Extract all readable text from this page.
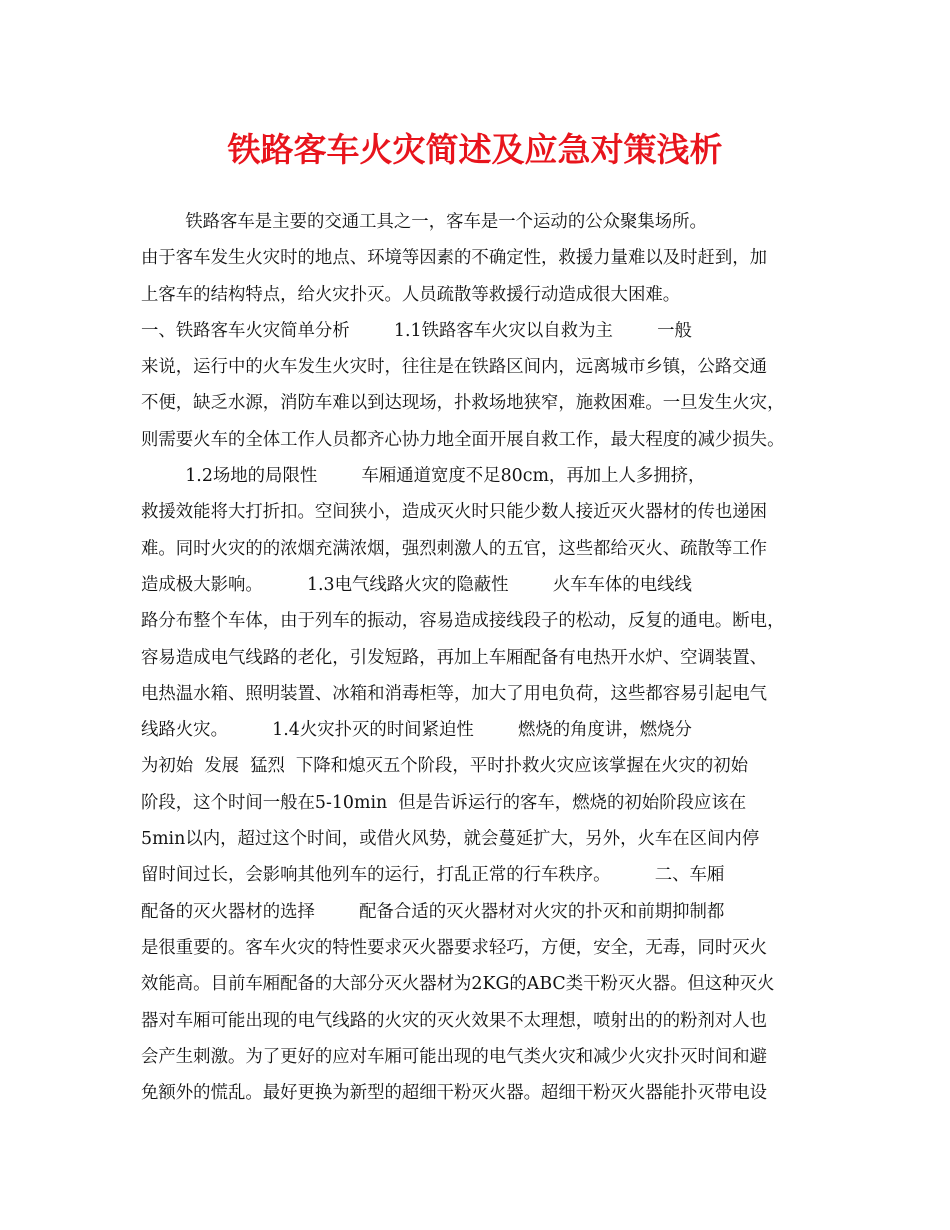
铁路客车火灾简述及应急对策浅析
铁路客车是主要的交通工具之一，客车是一个运动的公众聚集场所。
由于客车发生火灾时的地点、环境等因素的不确定性，救援力量难以及时赶到，加
上客车的结构特点，给火灾扑灭。人员疏散等救援行动造成很大困难。
一、铁路客车火灾简单分析        1.1铁路客车火灾以自救为主        一般
来说，运行中的火车发生火灾时，往往是在铁路区间内，远离城市乡镇，公路交通
不便，缺乏水源，消防车难以到达现场，扑救场地狭窄，施救困难。一旦发生火灾，
则需要火车的全体工作人员都齐心协力地全面开展自救工作，最大程度的减少损失。
1.2场地的局限性        车厢通道宽度不足80cm，再加上人多拥挤，
救援效能将大打折扣。空间狭小，造成灭火时只能少数人接近灭火器材的传也递困
难。同时火灾的的浓烟充满浓烟，强烈刺激人的五官，这些都给灭火、疏散等工作
造成极大影响。        1.3电气线路火灾的隐蔽性        火车车体的电线线
路分布整个车体，由于列车的振动，容易造成接线段子的松动，反复的通电。断电，
容易造成电气线路的老化，引发短路，再加上车厢配备有电热开水炉、空调装置、
电热温水箱、照明装置、冰箱和消毒柜等，加大了用电负荷，这些都容易引起电气
线路火灾。        1.4火灾扑灭的时间紧迫性        燃烧的角度讲，燃烧分
为初始  发展  猛烈  下降和熄灭五个阶段，平时扑救火灾应该掌握在火灾的初始
阶段，这个时间一般在5-10min  但是告诉运行的客车，燃烧的初始阶段应该在
5min以内，超过这个时间，或借火风势，就会蔓延扩大，另外，火车在区间内停
留时间过长，会影响其他列车的运行，打乱正常的行车秩序。        二、车厢
配备的灭火器材的选择        配备合适的灭火器材对火灾的扑灭和前期抑制都
是很重要的。客车火灾的特性要求灭火器要求轻巧，方便，安全，无毒，同时灭火
效能高。目前车厢配备的大部分灭火器材为2KG的ABC类干粉灭火器。但这种灭火
器对车厢可能出现的电气线路的火灾的灭火效果不太理想，喷射出的的粉剂对人也
会产生刺激。为了更好的应对车厢可能出现的电气类火灾和减少火灾扑灭时间和避
免额外的慌乱。最好更换为新型的超细干粉灭火器。超细干粉灭火器能扑灭带电设
